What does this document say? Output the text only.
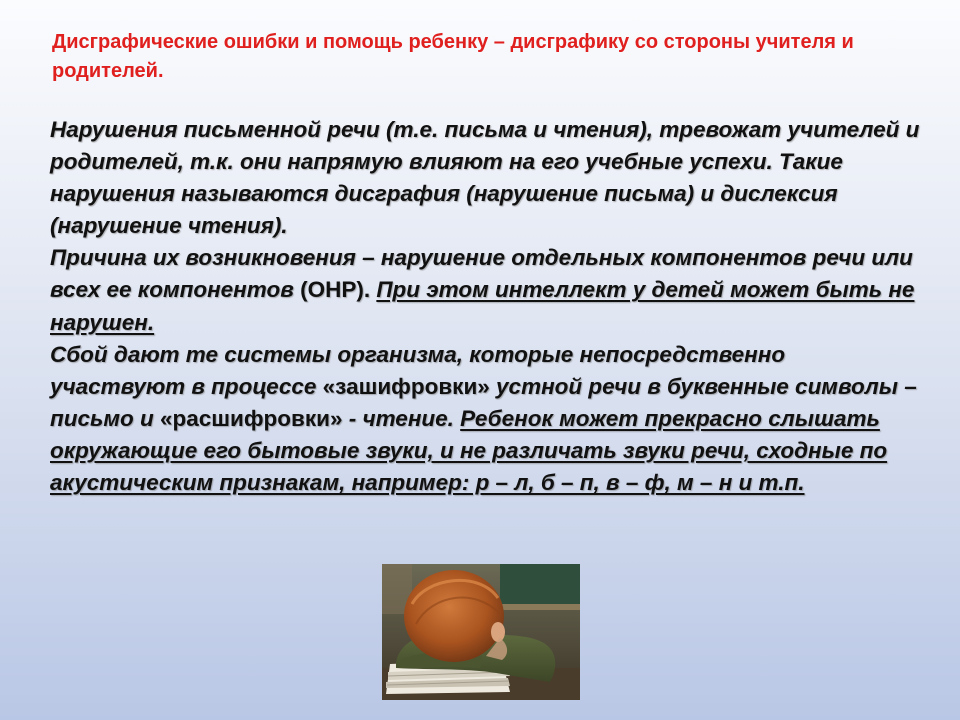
Дисграфические ошибки и помощь ребенку – дисграфику со стороны учителя и родителей.

Нарушения письменной речи (т.е. письма и чтения), тревожат учителей и родителей, т.к. они напрямую влияют на его учебные успехи. Такие нарушения называются дисграфия (нарушение письма) и дислексия (нарушение чтения).

Причина их возникновения – нарушение отдельных компонентов речи или всех ее компонентов (ОНР). При этом интеллект у детей может быть не нарушен.

Сбой дают те системы организма, которые непосредственно участвуют в процессе «зашифровки» устной речи в буквенные символы – письмо и «расшифровки» - чтение. Ребенок может прекрасно слышать окружающие его бытовые звуки, и не различать звуки речи, сходные по акустическим признакам, например: р – л, б – п, в – ф, м – н и т.п.
